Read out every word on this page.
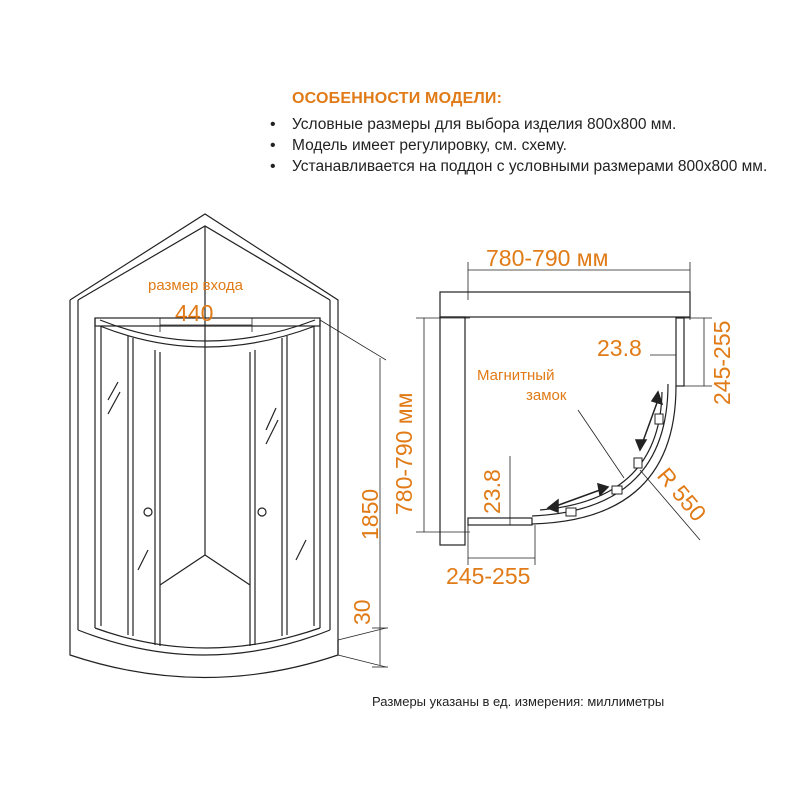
ОСОБЕННОСТИ МОДЕЛИ:
• Условные размеры для выбора изделия 800х800 мм.
• Модель имеет регулировку, см. схему.
• Устанавливается на поддон с условными размерами 800х800 мм.
размер входа
440
1850
30
780-790 мм
780-790 мм
245-255
245-255
23.8
23.8
Магнитный
замок
R 550
Размеры указаны в ед. измерения: миллиметры
